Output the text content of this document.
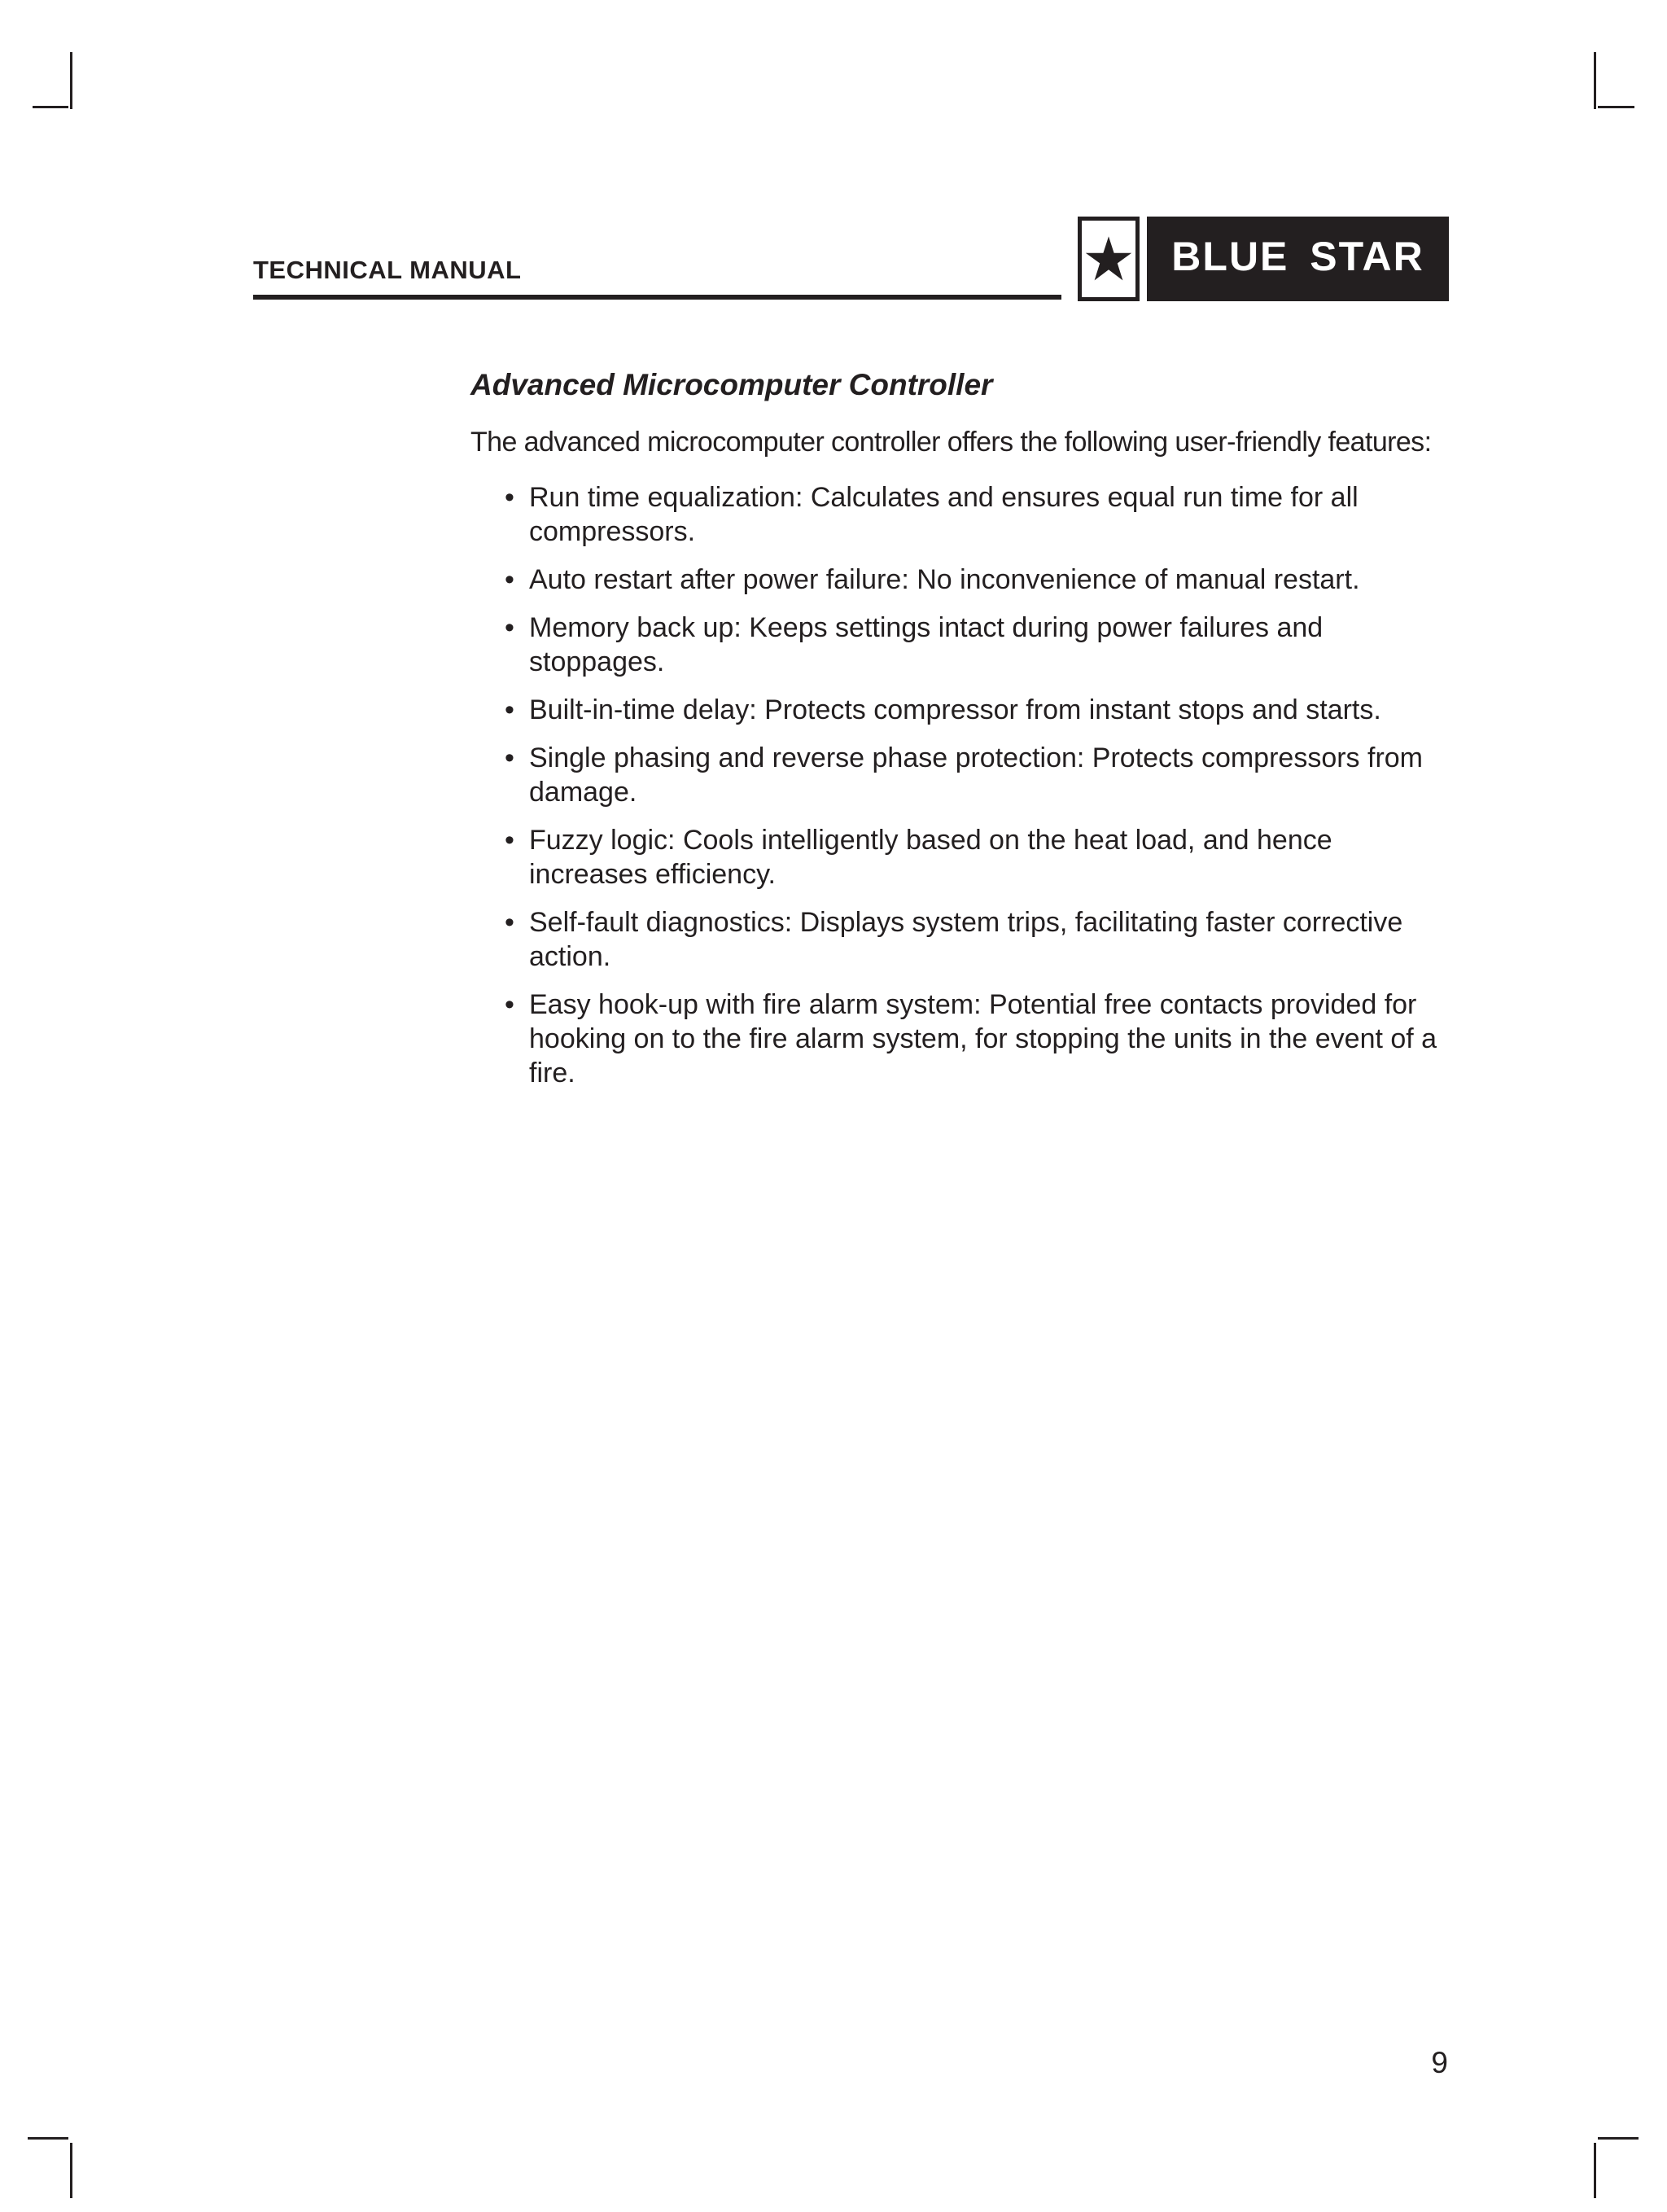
TECHNICAL MANUAL	BLUE STAR
Advanced Microcomputer Controller

The advanced microcomputer controller offers the following user-friendly features:

• Run time equalization: Calculates and ensures equal run time for all compressors.
• Auto restart after power failure: No inconvenience of manual restart.
• Memory back up: Keeps settings intact during power failures and stoppages.
• Built-in-time delay: Protects compressor from instant stops and starts.
• Single phasing and reverse phase protection: Protects compressors from damage.
• Fuzzy logic: Cools intelligently based on the heat load, and hence increases efficiency.
• Self-fault diagnostics: Displays system trips, facilitating faster corrective action.
• Easy hook-up with fire alarm system: Potential free contacts provided for hooking on to the fire alarm system, for stopping the units in the event of a fire.
9
